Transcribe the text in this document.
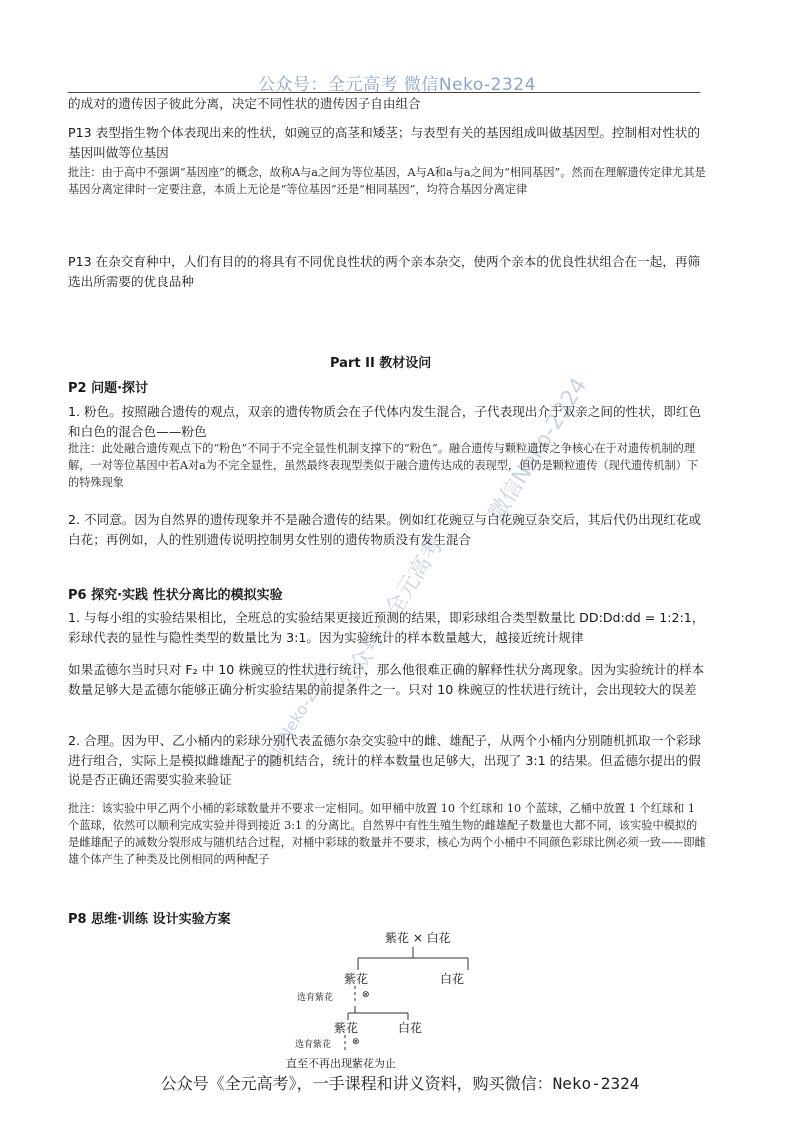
公众号：全元高考 微信Neko-2324
微信Neko-2324
公众号：全元高考
微信Neko-2324
的成对的遗传因子彼此分离，决定不同性状的遗传因子自由组合
P13 表型指生物个体表现出来的性状，如豌豆的高茎和矮茎；与表型有关的基因组成叫做基因型。控制相对性状的基因叫做等位基因
批注：由于高中不强调“基因座”的概念，故称A与a之间为等位基因，A与A和a与a之间为“相同基因”。然而在理解遗传定律尤其是基因分离定律时一定要注意，本质上无论是“等位基因”还是“相同基因”，均符合基因分离定律
P13 在杂交育种中，人们有目的的将具有不同优良性状的两个亲本杂交，使两个亲本的优良性状组合在一起，再筛选出所需要的优良品种
Part II 教材设问
P2 问题·探讨
1. 粉色。按照融合遗传的观点，双亲的遗传物质会在子代体内发生混合，子代表现出介于双亲之间的性状，即红色和白色的混合色——粉色
批注：此处融合遗传观点下的“粉色”不同于不完全显性机制支撑下的“粉色”。融合遗传与颗粒遗传之争核心在于对遗传机制的理解，一对等位基因中若A对a为不完全显性，虽然最终表现型类似于融合遗传达成的表现型，但仍是颗粒遗传（现代遗传机制）下的特殊现象
2. 不同意。因为自然界的遗传现象并不是融合遗传的结果。例如红花豌豆与白花豌豆杂交后，其后代仍出现红花或白花；再例如，人的性别遗传说明控制男女性别的遗传物质没有发生混合
P6 探究·实践 性状分离比的模拟实验
1. 与每小组的实验结果相比，全班总的实验结果更接近预测的结果，即彩球组合类型数量比 DD:Dd:dd = 1:2:1，彩球代表的显性与隐性类型的数量比为 3:1。因为实验统计的样本数量越大，越接近统计规律
如果孟德尔当时只对 F₂ 中 10 株豌豆的性状进行统计，那么他很难正确的解释性状分离现象。因为实验统计的样本数量足够大是孟德尔能够正确分析实验结果的前提条件之一。只对 10 株豌豆的性状进行统计，会出现较大的误差
2. 合理。因为甲、乙小桶内的彩球分别代表孟德尔杂交实验中的雌、雄配子，从两个小桶内分别随机抓取一个彩球进行组合，实际上是模拟雌雄配子的随机结合，统计的样本数量也足够大，出现了 3:1 的结果。但孟德尔提出的假说是否正确还需要实验来验证
批注：该实验中甲乙两个小桶的彩球数量并不要求一定相同。如甲桶中放置 10 个红球和 10 个蓝球，乙桶中放置 1 个红球和 1 个蓝球，依然可以顺利完成实验并得到接近 3:1 的分离比。自然界中有性生殖生物的雌雄配子数量也大都不同，该实验中模拟的是雌雄配子的减数分裂形成与随机结合过程，对桶中彩球的数量并不要求，核心为两个小桶中不同颜色彩球比例必须一致——即雌雄个体产生了种类及比例相同的两种配子
P8 思维·训练 设计实验方案
紫花 × 白花
紫花	白花
选育紫花	⊗
紫花	白花
选育紫花 ⊗
直至不再出现紫花为止
公众号《全元高考》，一手课程和讲义资料，购买微信：Neko-2324
